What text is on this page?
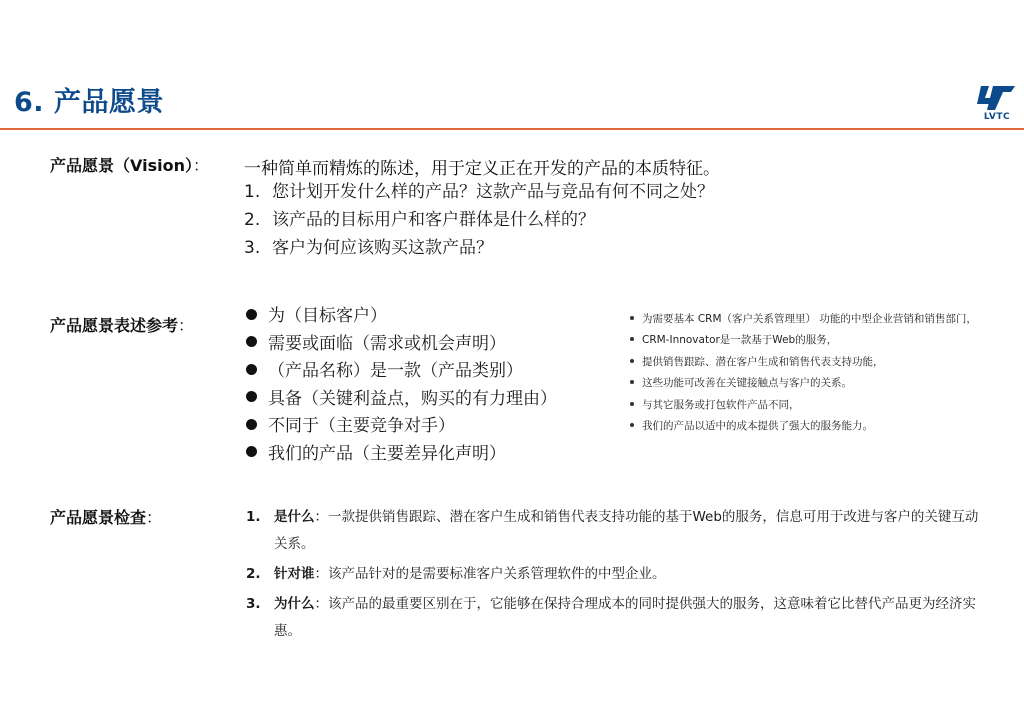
6. 产品愿景	LVTC
产品愿景（Vision）： 一种简单而精炼的陈述，用于定义正在开发的产品的本质特征。
1. 您计划开发什么样的产品？这款产品与竞品有何不同之处？
2. 该产品的目标用户和客户群体是什么样的？
3. 客户为何应该购买这款产品？
产品愿景表述参考：	为（目标客户）
需要或面临（需求或机会声明）
（产品名称）是一款（产品类别）
具备（关键利益点，购买的有力理由）
不同于（主要竞争对手）
我们的产品（主要差异化声明）
为需要基本 CRM（客户关系管理里） 功能的中型企业营销和销售部门，
CRM-Innovator是一款基于Web的服务，
提供销售跟踪、潜在客户生成和销售代表支持功能，
这些功能可改善在关键接触点与客户的关系。
与其它服务或打包软件产品不同，
我们的产品以适中的成本提供了强大的服务能力。
产品愿景检查：	1. 是什么：一款提供销售跟踪、潜在客户生成和销售代表支持功能的基于Web的服务，信息可用于改进与客户的关键互动关系。
2. 针对谁：该产品针对的是需要标准客户关系管理软件的中型企业。
3. 为什么：该产品的最重要区别在于，它能够在保持合理成本的同时提供强大的服务，这意味着它比替代产品更为经济实惠。
